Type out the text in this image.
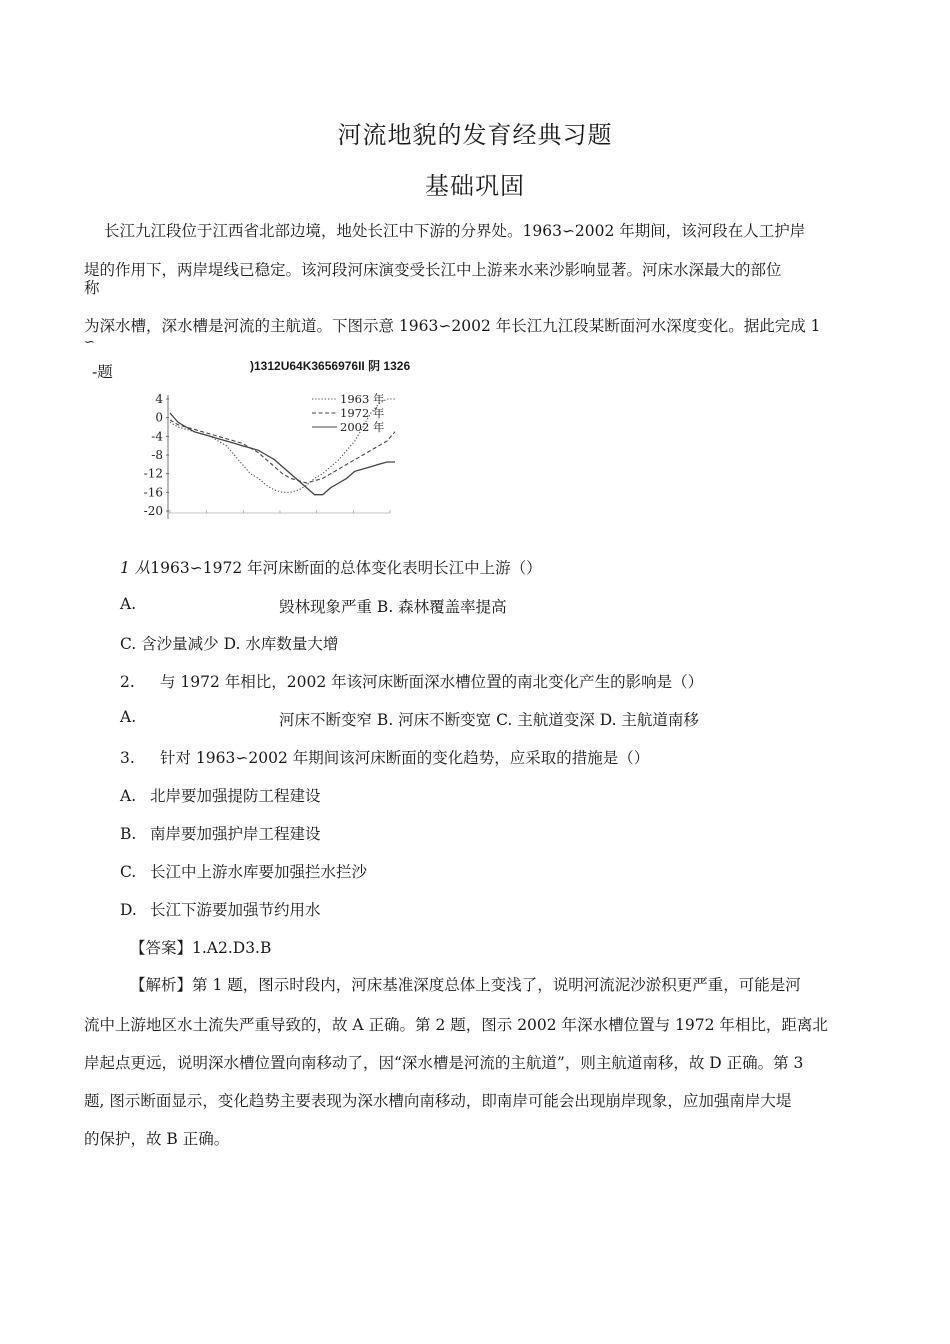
河流地貌的发育经典习题
基础巩固
长江九江段位于江西省北部边境，地处长江中下游的分界处。1963∽2002 年期间，该河段在人工护岸
堤的作用下，两岸堤线已稳定。该河段河床演变受长江中上游来水来沙影响显著。河床水深最大的部位
称
为深水槽，深水槽是河流的主航道。下图示意 1963∽2002 年长江九江段某断面河水深度变化。据此完成 1
∽
-题	)1312U64K3656976II 阴 1326
4
0
-4
-8
-12
-16
-20
1963 年
1972 年
2002 年
1 从1963∽1972 年河床断面的总体变化表明长江中上游（）
A.	毁林现象严重 B. 森林覆盖率提高
C. 含沙量减少 D. 水库数量大增
2. 与 1972 年相比，2002 年该河床断面深水槽位置的南北变化产生的影响是（）
A.	河床不断变窄 B. 河床不断变宽 C. 主航道变深 D. 主航道南移
3. 针对 1963∽2002 年期间该河床断面的变化趋势，应采取的措施是（）
A. 北岸要加强提防工程建设
B. 南岸要加强护岸工程建设
C. 长江中上游水库要加强拦水拦沙
D. 长江下游要加强节约用水
【答案】1.A2.D3.B
【解析】第 1 题，图示时段内，河床基准深度总体上变浅了，说明河流泥沙淤积更严重，可能是河
流中上游地区水土流失严重导致的，故 A 正确。第 2 题，图示 2002 年深水槽位置与 1972 年相比，距离北
岸起点更远，说明深水槽位置向南移动了，因“深水槽是河流的主航道”，则主航道南移，故 D 正确。第 3
题, 图示断面显示，变化趋势主要表现为深水槽向南移动，即南岸可能会出现崩岸现象，应加强南岸大堤
的保护，故 B 正确。
